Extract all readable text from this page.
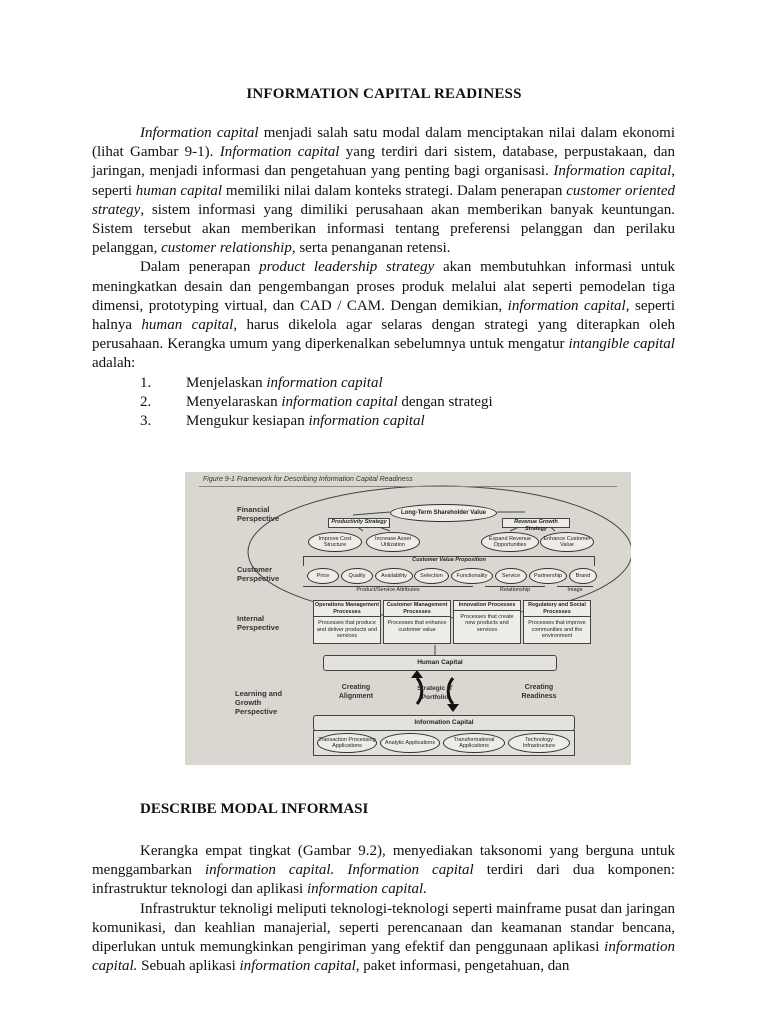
INFORMATION CAPITAL READINESS

Information capital menjadi salah satu modal dalam menciptakan nilai dalam ekonomi (lihat Gambar 9-1). Information capital yang terdiri dari sistem, database, perpustakaan, dan jaringan, menjadi informasi dan pengetahuan yang penting bagi organisasi. Information capital, seperti human capital memiliki nilai dalam konteks strategi. Dalam penerapan customer oriented strategy, sistem informasi yang dimiliki perusahaan akan memberikan banyak keuntungan. Sistem tersebut akan memberikan informasi tentang preferensi pelanggan dan perilaku pelanggan, customer relationship, serta penanganan retensi.

Dalam penerapan product leadership strategy akan membutuhkan informasi untuk meningkatkan desain dan pengembangan proses produk melalui alat seperti pemodelan tiga dimensi, prototyping virtual, dan CAD / CAM. Dengan demikian, information capital, seperti halnya human capital, harus dikelola agar selaras dengan strategi yang diterapkan oleh perusahaan. Kerangka umum yang diperkenalkan sebelumnya untuk mengatur intangible capital adalah:

1.	Menjelaskan information capital
2.	Menyelaraskan information capital dengan strategi
3.	Mengukur kesiapan information capital
Figure 9-1 Framework for Describing Information Capital Readiness
Financial Perspective
Customer Perspective
Internal Perspective
Learning and Growth Perspective
Long-Term Shareholder Value
Productivity Strategy	Revenue Growth Strategy
Improve Cost Structure
Increase Asset Utilization
Expand Revenue Opportunities
Enhance Customer Value
Customer Value Proposition
Price	Quality	Availability	Selection	Functionality	Service	Partnership	Brand
Product/Service Attributes	Relationship	Image
Operations Management Processes
Processes that produce and deliver products and services
Customer Management Processes
Processes that enhance customer value
Innovation Processes
Processes that create new products and services
Regulatory and Social Processes
Processes that improve communities and the environment
Human Capital
Creating Alignment
Strategic IT Portfolio
Creating Readiness
Information Capital
Transaction Processing Applications
Analytic Applications
Transformational Applications
Technology Infrastructure
DESCRIBE MODAL INFORMASI

Kerangka empat tingkat (Gambar 9.2), menyediakan taksonomi yang berguna untuk menggambarkan information capital. Information capital terdiri dari dua komponen: infrastruktur teknologi dan aplikasi information capital.

Infrastruktur teknoligi meliputi teknologi-teknologi seperti mainframe pusat dan jaringan komunikasi, dan keahlian manajerial, seperti perencanaan dan keamanan standar bencana, diperlukan untuk memungkinkan pengiriman yang efektif dan penggunaan aplikasi information capital. Sebuah aplikasi information capital, paket informasi, pengetahuan, dan
